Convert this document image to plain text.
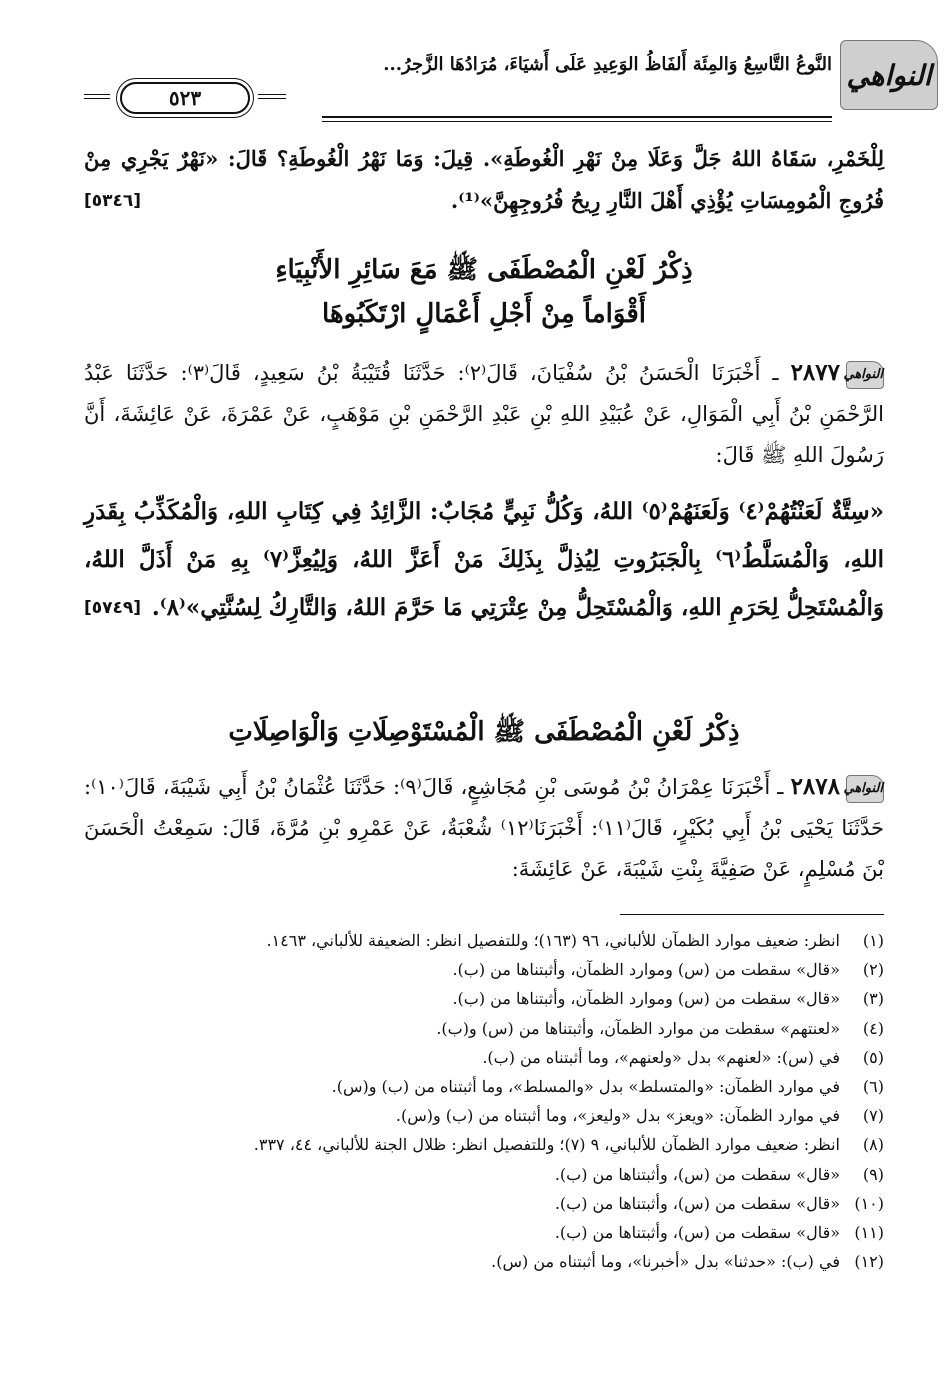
النواهي
النَّوعُ التَّاسِعُ وَالمِئَة أَلفَاظُ الوَعِيدِ عَلَى أَشيَاءَ، مُرَادُهَا الزَّجرُ...
٥٢٣

لِلْخَمْرِ، سَقَاهُ اللهُ جَلَّ وَعَلَا مِنْ نَهْرِ الْغُوطَةِ». قِيلَ: وَمَا نَهْرُ الْغُوطَةِ؟ قَالَ: «نَهْرٌ يَجْرِي مِنْ فُرُوجِ الْمُومِسَاتِ يُؤْذِي أَهْلَ النَّارِ رِيحُ فُرُوجِهِنَّ»⁽¹⁾.
[٥٣٤٦]

ذِكْرُ لَعْنِ الْمُصْطَفَى ﷺ مَعَ سَائِرِ الأَنْبِيَاءِ
أَقْوَاماً مِنْ أَجْلِ أَعْمَالٍ ارْتَكَبُوهَا

النواهي٢٨٧٧ ـ أَخْبَرَنَا الْحَسَنُ بْنُ سُفْيَانَ، قَالَ⁽٢⁾: حَدَّثَنَا قُتَيْبَةُ بْنُ سَعِيدٍ، قَالَ⁽٣⁾: حَدَّثَنَا عَبْدُ الرَّحْمَنِ بْنُ أَبِي الْمَوَالِ، عَنْ عُبَيْدِ اللهِ بْنِ عَبْدِ الرَّحْمَنِ بْنِ مَوْهَبٍ، عَنْ عَمْرَةَ، عَنْ عَائِشَةَ، أَنَّ رَسُولَ اللهِ ﷺ قَالَ:

«سِتَّةٌ لَعَنْتُهُمْ⁽٤⁾ وَلَعَنَهُمْ⁽٥⁾ اللهُ، وَكُلُّ نَبِيٍّ مُجَابٌ: الزَّائِدُ فِي كِتَابِ اللهِ، وَالْمُكَذِّبُ بِقَدَرِ اللهِ، وَالْمُسَلَّطُ⁽٦⁾ بِالْجَبَرُوتِ لِيُذِلَّ بِذَلِكَ مَنْ أَعَزَّ اللهُ، وَلِيُعِزَّ⁽٧⁾ بِهِ مَنْ أَذَلَّ اللهُ، وَالْمُسْتَحِلُّ لِحَرَمِ اللهِ، وَالْمُسْتَحِلُّ مِنْ عِتْرَتِي مَا حَرَّمَ اللهُ، وَالتَّارِكُ لِسُنَّتِي»⁽٨⁾.
[٥٧٤٩]

ذِكْرُ لَعْنِ الْمُصْطَفَى ﷺ الْمُسْتَوْصِلَاتِ وَالْوَاصِلَاتِ

النواهي٢٨٧٨ ـ أَخْبَرَنَا عِمْرَانُ بْنُ مُوسَى بْنِ مُجَاشِعٍ، قَالَ⁽٩⁾: حَدَّثَنَا عُثْمَانُ بْنُ أَبِي شَيْبَةَ، قَالَ⁽١٠⁾: حَدَّثَنَا يَحْيَى بْنُ أَبِي بُكَيْرٍ، قَالَ⁽١١⁾: أَخْبَرَنَا⁽١٢⁾ شُعْبَةُ، عَنْ عَمْرِو بْنِ مُرَّةَ، قَالَ: سَمِعْتُ الْحَسَنَ بْنَ مُسْلِمٍ، عَنْ صَفِيَّةَ بِنْتِ شَيْبَةَ، عَنْ عَائِشَةَ:

(١)انظر: ضعيف موارد الظمآن للألباني، ٩٦ (١٦٣)؛ وللتفصيل انظر: الضعيفة للألباني، ١٤٦٣.
(٢)«قال» سقطت من (س) وموارد الظمآن، وأثبتناها من (ب).
(٣)«قال» سقطت من (س) وموارد الظمآن، وأثبتناها من (ب).
(٤)«لعنتهم» سقطت من موارد الظمآن، وأثبتناها من (س) و(ب).
(٥)في (س): «لعنهم» بدل «ولعنهم»، وما أثبتناه من (ب).
(٦)في موارد الظمآن: «والمتسلط» بدل «والمسلط»، وما أثبتناه من (ب) و(س).
(٧)في موارد الظمآن: «ويعز» بدل «وليعز»، وما أثبتناه من (ب) و(س).
(٨)انظر: ضعيف موارد الظمآن للألباني، ٩ (٧)؛ وللتفصيل انظر: ظلال الجنة للألباني، ٤٤، ٣٣٧.
(٩)«قال» سقطت من (س)، وأثبتناها من (ب).
(١٠)«قال» سقطت من (س)، وأثبتناها من (ب).
(١١)«قال» سقطت من (س)، وأثبتناها من (ب).
(١٢)في (ب): «حدثنا» بدل «أخبرنا»، وما أثبتناه من (س).
